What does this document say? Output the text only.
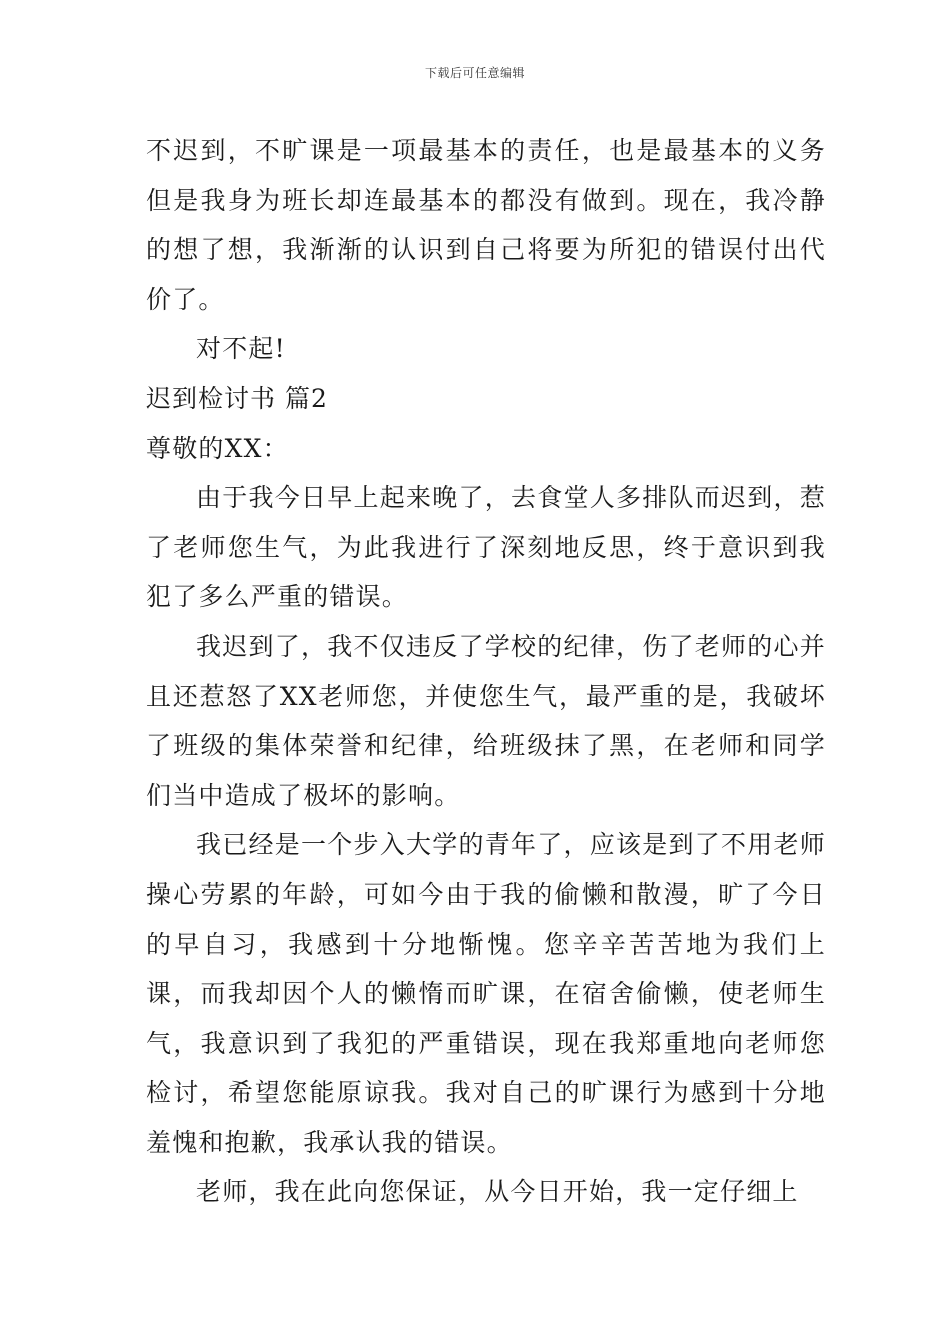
下载后可任意编辑

不迟到，不旷课是一项最基本的责任，也是最基本的义务但是我身为班长却连最基本的都没有做到。现在，我冷静的想了想，我渐渐的认识到自己将要为所犯的错误付出代价了。

对不起!

迟到检讨书 篇2

尊敬的XX：

由于我今日早上起来晚了，去食堂人多排队而迟到，惹了老师您生气，为此我进行了深刻地反思，终于意识到我犯了多么严重的错误。

我迟到了，我不仅违反了学校的纪律，伤了老师的心并且还惹怒了XX老师您，并使您生气，最严重的是，我破坏了班级的集体荣誉和纪律，给班级抹了黑，在老师和同学们当中造成了极坏的影响。

我已经是一个步入大学的青年了，应该是到了不用老师操心劳累的年龄，可如今由于我的偷懒和散漫，旷了今日的早自习，我感到十分地惭愧。您辛辛苦苦地为我们上课，而我却因个人的懒惰而旷课，在宿舍偷懒，使老师生气，我意识到了我犯的严重错误，现在我郑重地向老师您检讨，希望您能原谅我。我对自己的旷课行为感到十分地羞愧和抱歉，我承认我的错误。

老师，我在此向您保证，从今日开始，我一定仔细上
